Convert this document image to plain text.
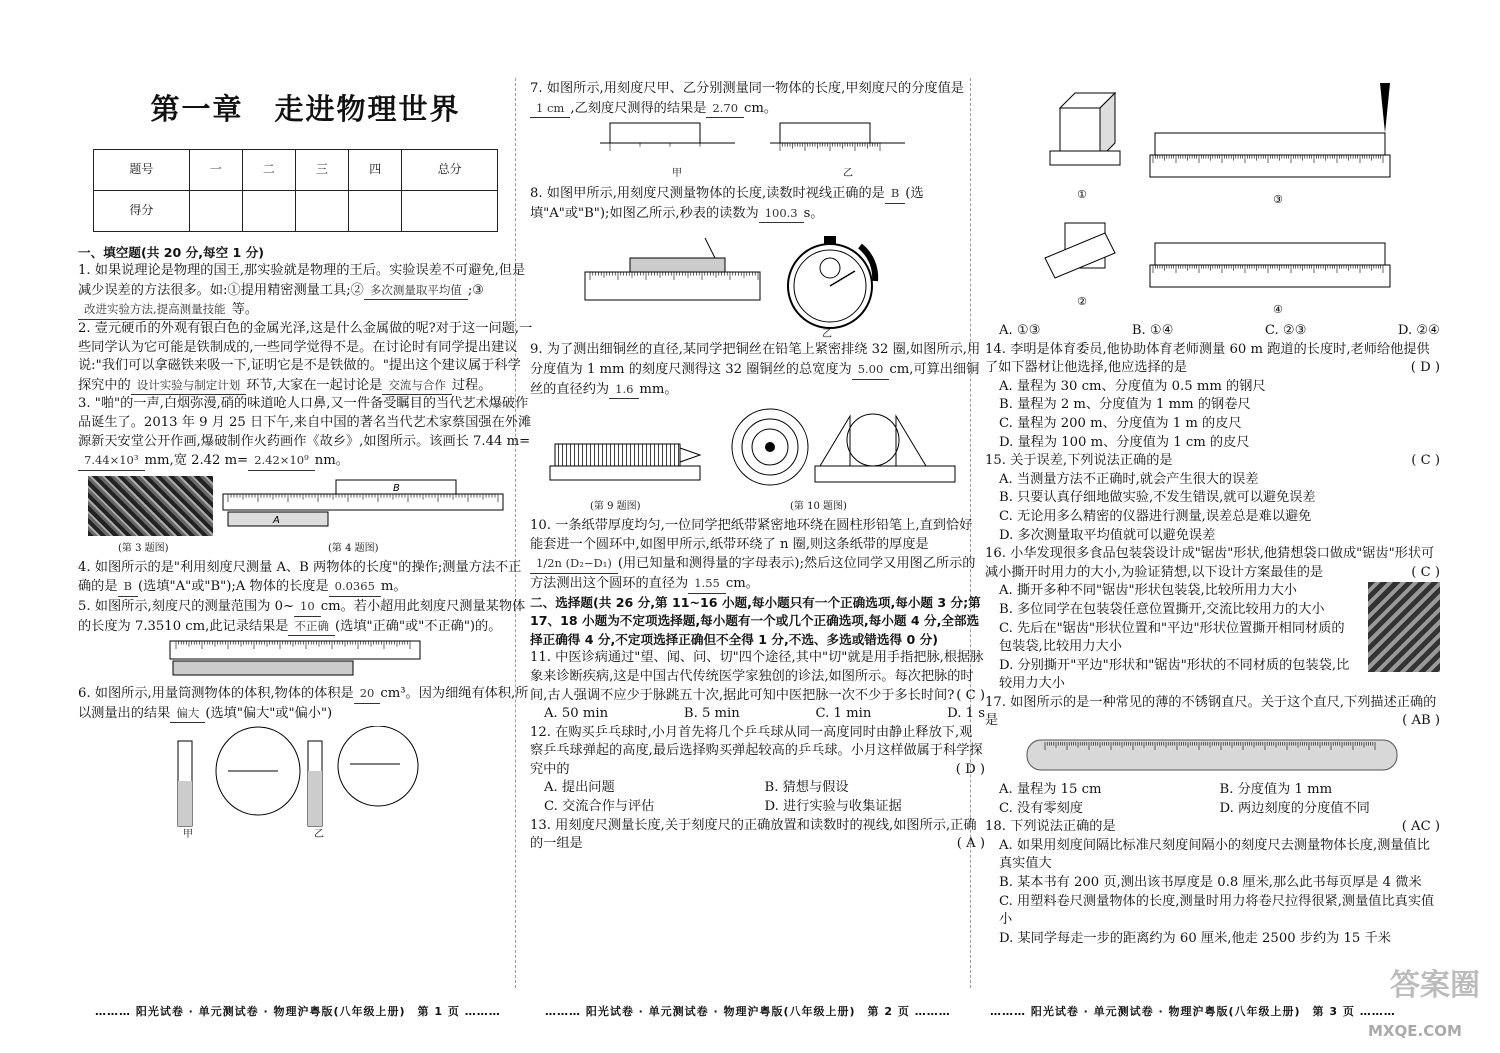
第一章　走进物理世界
题号	一	二	三	四	总分
得分					
一、填空题(共 20 分,每空 1 分)

1. 如果说理论是物理的国王,那实验就是物理的王后。实验误差不可避免,但是减少误差的方法很多。如:①提用精密测量工具;② 多次测量取平均值 ;③改进实验方法,提高测量技能 等。

2. 壹元硬币的外观有银白色的金属光泽,这是什么金属做的呢?对于这一问题,一些同学认为它可能是铁制成的,一些同学觉得不是。在讨论时有同学提出建议说:"我们可以拿磁铁来吸一下,证明它是不是铁做的。"提出这个建议属于科学探究中的 设计实验与制定计划 环节,大家在一起讨论是 交流与合作 过程。

3. "啪"的一声,白烟弥漫,硝的味道呛人口鼻,又一件备受瞩目的当代艺术爆破作品诞生了。2013 年 9 月 25 日下午,来自中国的著名当代艺术家蔡国强在外滩源新天安堂公开作画,爆破制作火药画作《故乡》,如图所示。该画长 7.44 m=7.44×10³ mm,宽 2.42 m= 2.42×10⁹ nm。

B
A
(第 3 题图)	(第 4 题图)

4. 如图所示的是"利用刻度尺测量 A、B 两物体的长度"的操作;测量方法不正确的是 B (选填"A"或"B");A 物体的长度是 0.0365 m。

5. 如图所示,刻度尺的测量范围为 0~ 10 cm。若小超用此刻度尺测量某物体的长度为 7.3510 cm,此记录结果是 不正确 (选填"正确"或"不正确")的。

6. 如图所示,用量筒测物体的体积,物体的体积是 20 cm³。因为细绳有体积,所以测量出的结果 偏大 (选填"偏大"或"偏小")

甲	乙

7. 如图所示,用刻度尺甲、乙分别测量同一物体的长度,甲刻度尺的分度值是1 cm ,乙刻度尺测得的结果是 2.70 cm。

甲	乙

8. 如图甲所示,用刻度尺测量物体的长度,读数时视线正确的是 B (选填"A"或"B");如图乙所示,秒表的读数为 100.3 s。

乙

9. 为了测出细铜丝的直径,某同学把铜丝在铅笔上紧密排绕 32 圈,如图所示,用分度值为 1 mm 的刻度尺测得这 32 圈铜丝的总宽度为 5.00 cm,可算出细铜丝的直径约为 1.6 mm。

(第 9 题图)	(第 10 题图)

10. 一条纸带厚度均匀,一位同学把纸带紧密地环绕在圆柱形铅笔上,直到恰好能套进一个圆环中,如图甲所示,纸带环绕了 n 圈,则这条纸带的厚度是1/2n (D₂−D₁) (用已知量和测得量的字母表示);然后这位同学又用图乙所示的方法测出这个圆环的直径为 1.55 cm。

二、选择题(共 26 分,第 11~16 小题,每小题只有一个正确选项,每小题 3 分;第 17、18 小题为不定项选择题,每小题有一个或几个正确选项,每小题 4 分,全部选择正确得 4 分,不定项选择正确但不全得 1 分,不选、多选或错选得 0 分)

11. 中医诊病通过"望、闻、问、切"四个途径,其中"切"就是用手指把脉,根据脉象来诊断疾病,这是中国古代传统医学家独创的诊法,如图所示。每次把脉的时间,古人强调不应少于脉跳五十次,据此可知中医把脉一次不少于多长时间? ( C )

A. 50 min	B. 5 min	C. 1 min	D. 1 s

12. 在购买乒乓球时,小月首先将几个乒乓球从同一高度同时由静止释放下,观察乒乓球弹起的高度,最后选择购买弹起较高的乒乓球。小月这样做属于科学探究中的	( D )

A. 提出问题	B. 猜想与假设
C. 交流合作与评估	D. 进行实验与收集证据

13. 用刻度尺测量长度,关于刻度尺的正确放置和读数时的视线,如图所示,正确的一组是	( A )

①	③
②
④
A. ①③	B. ①④	C. ②③	D. ②④

14. 李明是体育委员,他协助体育老师测量 60 m 跑道的长度时,老师给他提供了如下器材让他选择,他应选择的是	( D )

A. 量程为 30 cm、分度值为 0.5 mm 的钢尺
B. 量程为 2 m、分度值为 1 mm 的钢卷尺
C. 量程为 200 m、分度值为 1 m 的皮尺
D. 量程为 100 m、分度值为 1 cm 的皮尺

15. 关于误差,下列说法正确的是	( C )

A. 当测量方法不正确时,就会产生很大的误差
B. 只要认真仔细地做实验,不发生错误,就可以避免误差
C. 无论用多么精密的仪器进行测量,误差总是难以避免
D. 多次测量取平均值就可以避免误差

16. 小华发现很多食品包装袋设计成"锯齿"形状,他猜想袋口做成"锯齿"形状可减小撕开时用力的大小,为验证猜想,以下设计方案最佳的是	( C )

A. 撕开多种不同"锯齿"形状包装袋,比较所用力大小
B. 多位同学在包装袋任意位置撕开,交流比较用力的大小
C. 先后在"锯齿"形状位置和"平边"形状位置撕开相同材质的包装袋,比较用力大小
D. 分别撕开"平边"形状和"锯齿"形状的不同材质的包装袋,比较用力大小

17. 如图所示的是一种常见的薄的不锈钢直尺。关于这个直尺,下列描述正确的是	( AB )

A. 量程为 15 cm	B. 分度值为 1 mm
C. 没有零刻度	D. 两边刻度的分度值不同

18. 下列说法正确的是	( AC )

A. 如果用刻度间隔比标准尺刻度间隔小的刻度尺去测量物体长度,测量值比真实值大
B. 某本书有 200 页,测出该书厚度是 0.8 厘米,那么此书每页厚是 4 微米
C. 用塑料卷尺测量物体的长度,测量时用力将卷尺拉得很紧,测量值比真实值小
D. 某同学每走一步的距离约为 60 厘米,他走 2500 步约为 15 千米
……… 阳光试卷 · 单元测试卷 · 物理沪粤版(八年级上册)　第 1 页 ………	……… 阳光试卷 · 单元测试卷 · 物理沪粤版(八年级上册)　第 2 页 ………	……… 阳光试卷 · 单元测试卷 · 物理沪粤版(八年级上册)　第 3 页 ………
答案圈
MXQE.COM
